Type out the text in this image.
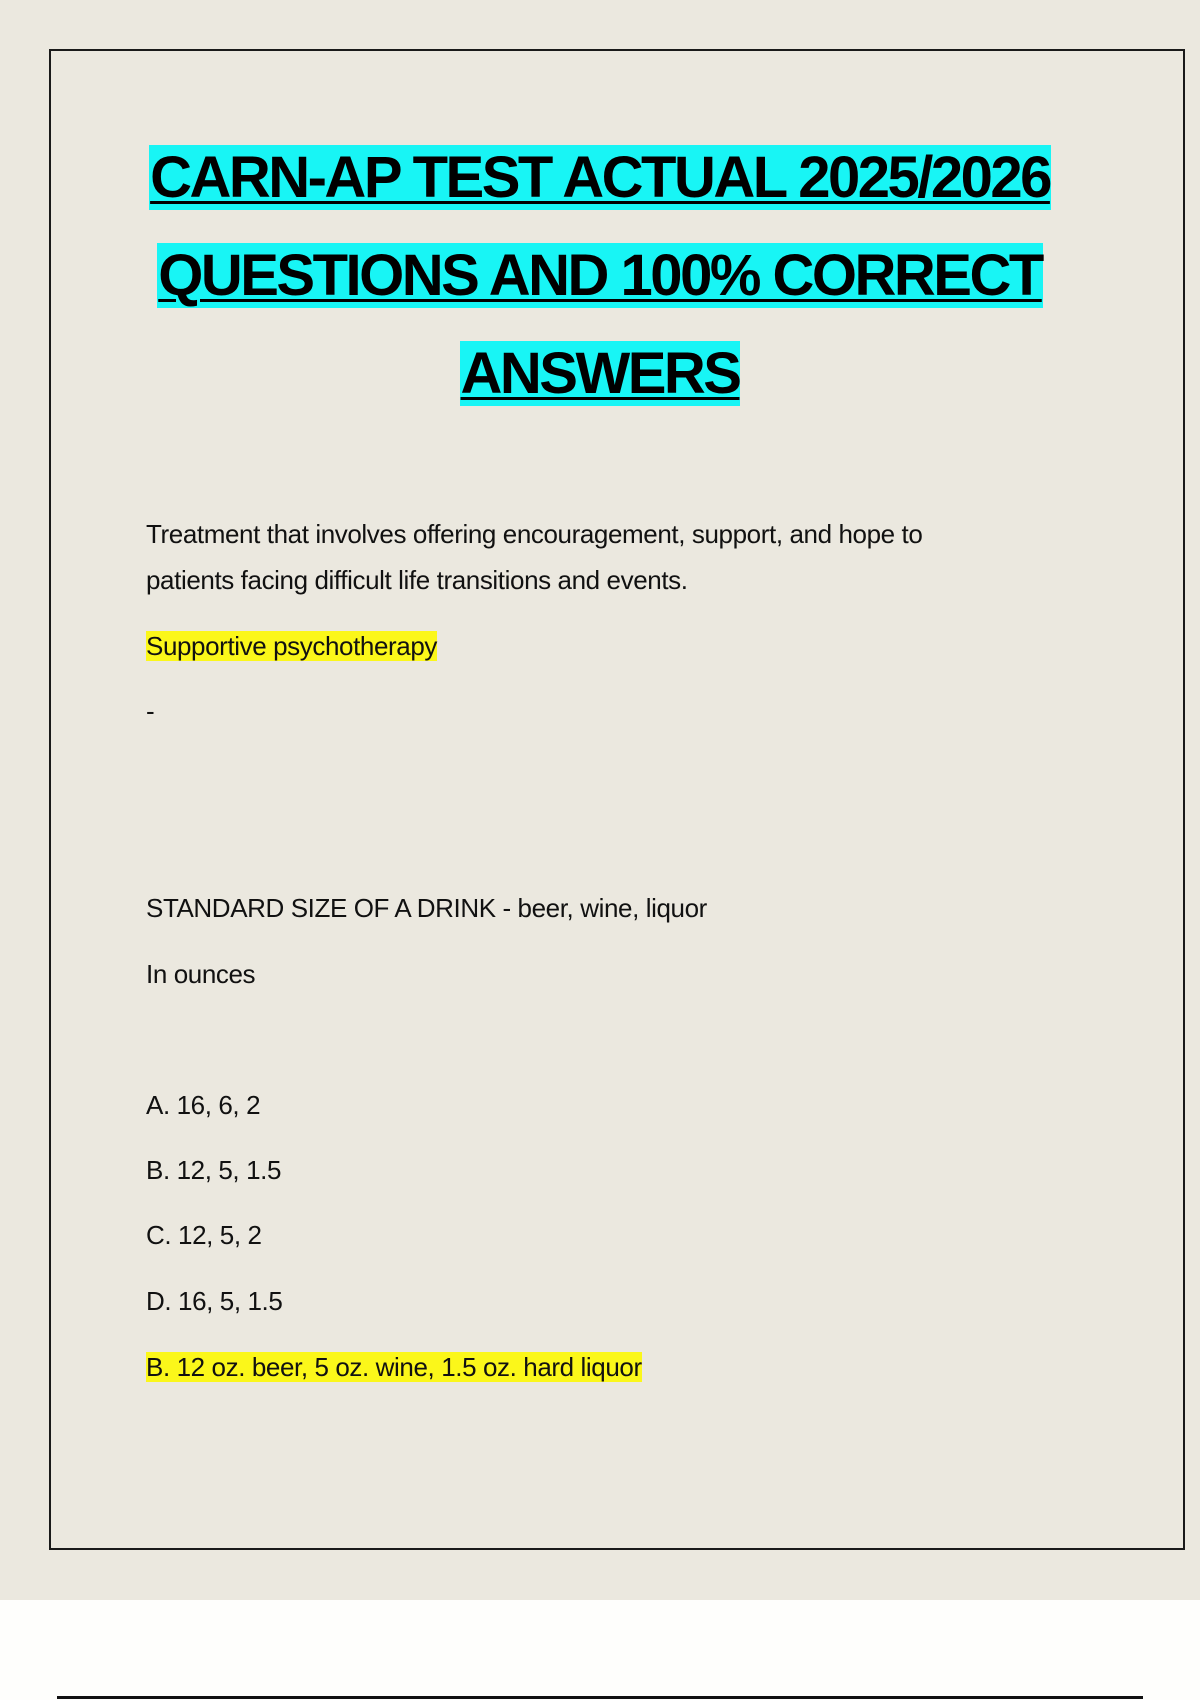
CARN-AP TEST ACTUAL 2025/2026
QUESTIONS AND 100% CORRECT
ANSWERS
Treatment that involves offering encouragement, support, and hope to
patients facing difficult life transitions and events.
Supportive psychotherapy
-
STANDARD SIZE OF A DRINK - beer, wine, liquor
In ounces
A. 16, 6, 2
B. 12, 5, 1.5
C. 12, 5, 2
D. 16, 5, 1.5
B. 12 oz. beer, 5 oz. wine, 1.5 oz. hard liquor
